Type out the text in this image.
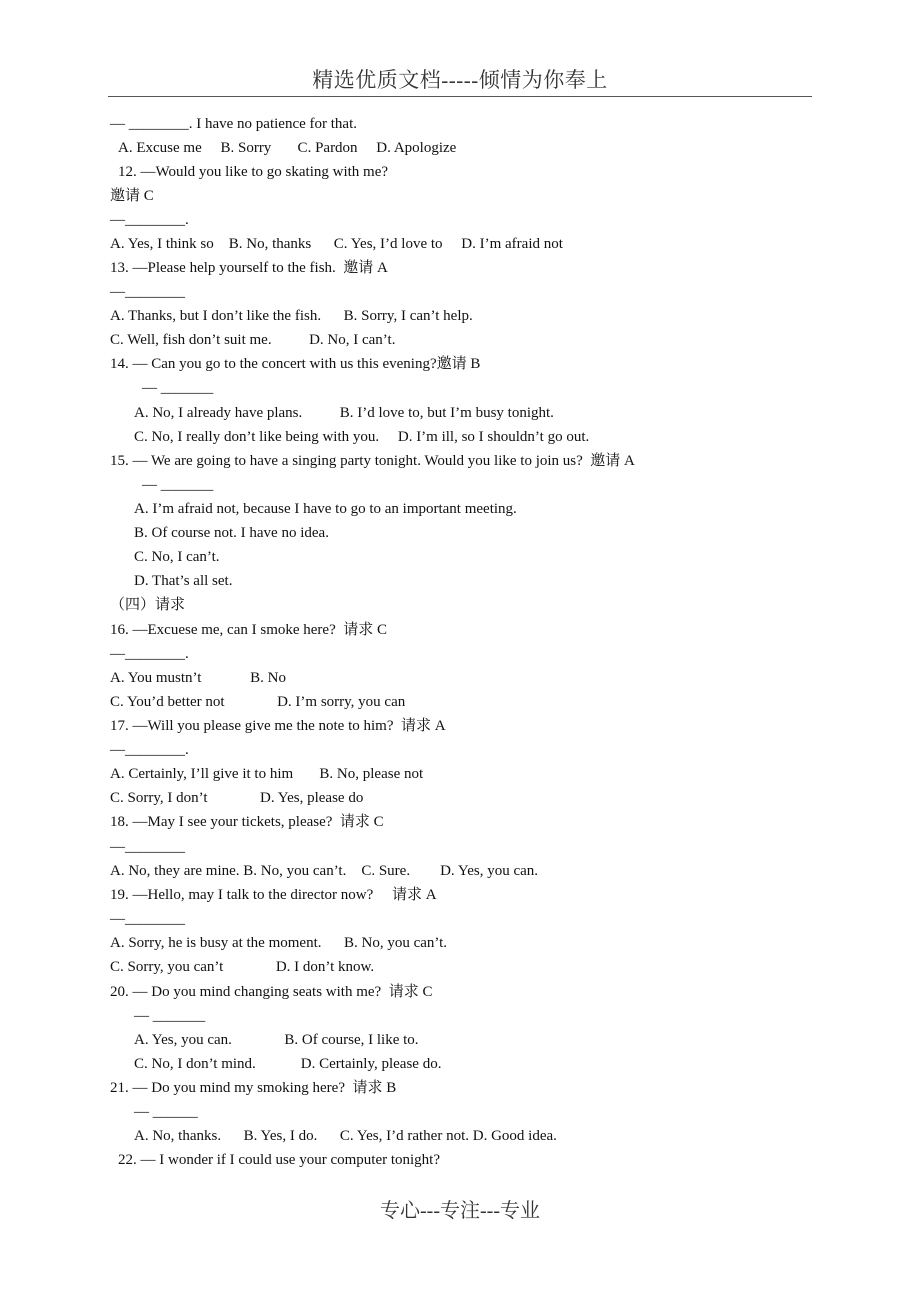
精选优质文档-----倾情为你奉上
— ________. I have no patience for that.
A. Excuse me     B. Sorry       C. Pardon     D. Apologize
12. —Would you like to go skating with me?
邀请 C
—________.
A. Yes, I think so    B. No, thanks      C. Yes, I’d love to     D. I’m afraid not
13. —Please help yourself to the fish.  邀请 A
—________
A. Thanks, but I don’t like the fish.      B. Sorry, I can’t help.
C. Well, fish don’t suit me.          D. No, I can’t.
14. — Can you go to the concert with us this evening?邀请 B
— _______
A. No, I already have plans.          B. I’d love to, but I’m busy tonight.
C. No, I really don’t like being with you.     D. I’m ill, so I shouldn’t go out.
15. — We are going to have a singing party tonight. Would you like to join us?  邀请 A
— _______
A. I’m afraid not, because I have to go to an important meeting.
B. Of course not. I have no idea.
C. No, I can’t.
D. That’s all set.
（四）请求
16. —Excuese me, can I smoke here?  请求 C
—________.
A. You mustn’t             B. No
C. You’d better not              D. I’m sorry, you can
17. —Will you please give me the note to him?  请求 A
—________.
A. Certainly, I’ll give it to him       B. No, please not
C. Sorry, I don’t              D. Yes, please do
18. —May I see your tickets, please?  请求 C
—________
A. No, they are mine. B. No, you can’t.    C. Sure.        D. Yes, you can.
19. —Hello, may I talk to the director now?     请求 A
—________
A. Sorry, he is busy at the moment.      B. No, you can’t.
C. Sorry, you can’t              D. I don’t know.
20. — Do you mind changing seats with me?  请求 C
— _______
A. Yes, you can.              B. Of course, I like to.
C. No, I don’t mind.            D. Certainly, please do.
21. — Do you mind my smoking here?  请求 B
— ______
A. No, thanks.      B. Yes, I do.      C. Yes, I’d rather not. D. Good idea.
22. — I wonder if I could use your computer tonight?
专心---专注---专业
